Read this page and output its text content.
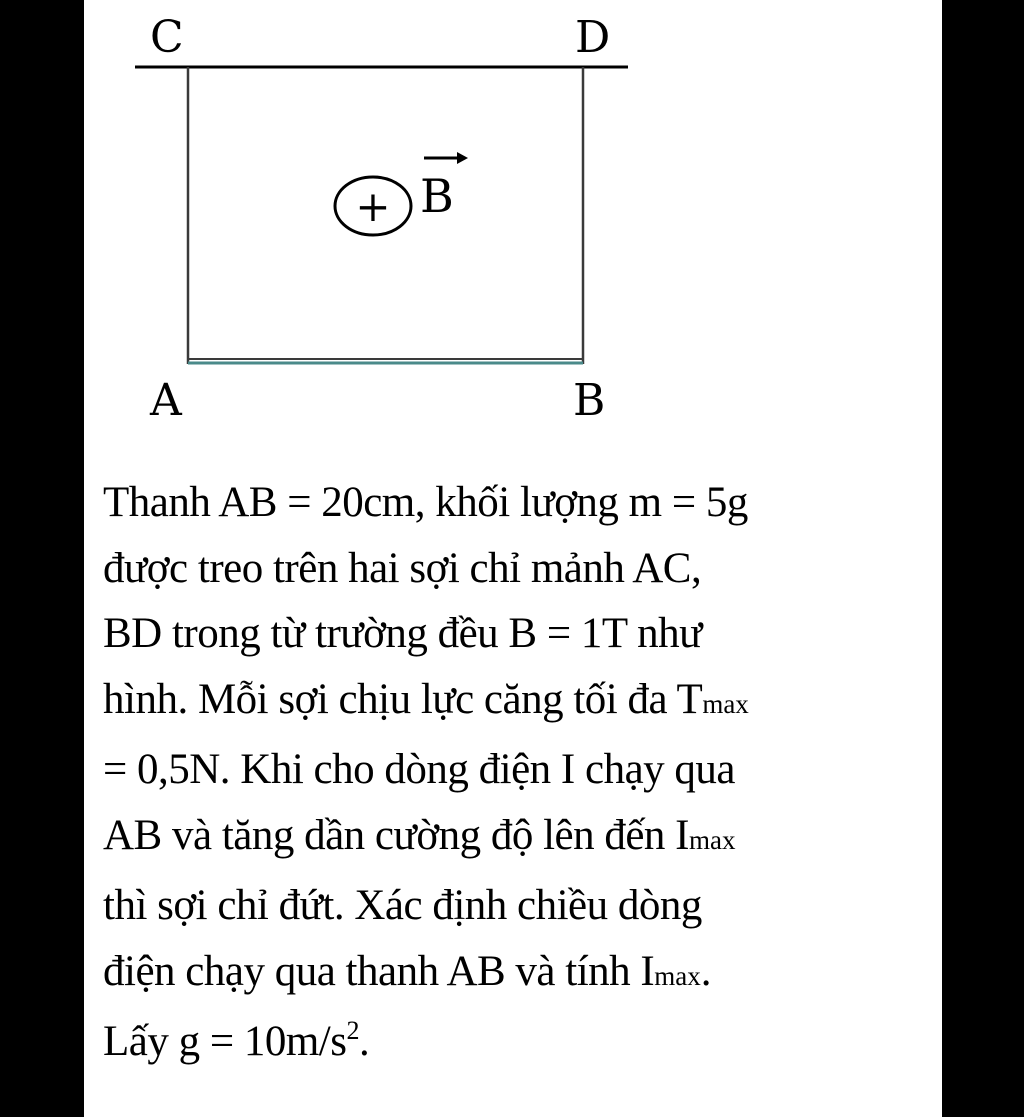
C	D
A	B
+ B
Thanh AB = 20cm, khối lượng m = 5g
được treo trên hai sợi chỉ mảnh AC,
BD trong từ trường đều B = 1T như
hình. Mỗi sợi chịu lực căng tối đa Tmax
= 0,5N. Khi cho dòng điện I chạy qua
AB và tăng dần cường độ lên đến Imax
thì sợi chỉ đứt. Xác định chiều dòng
điện chạy qua thanh AB và tính Imax.
Lấy $g = 10m/s^2$.
